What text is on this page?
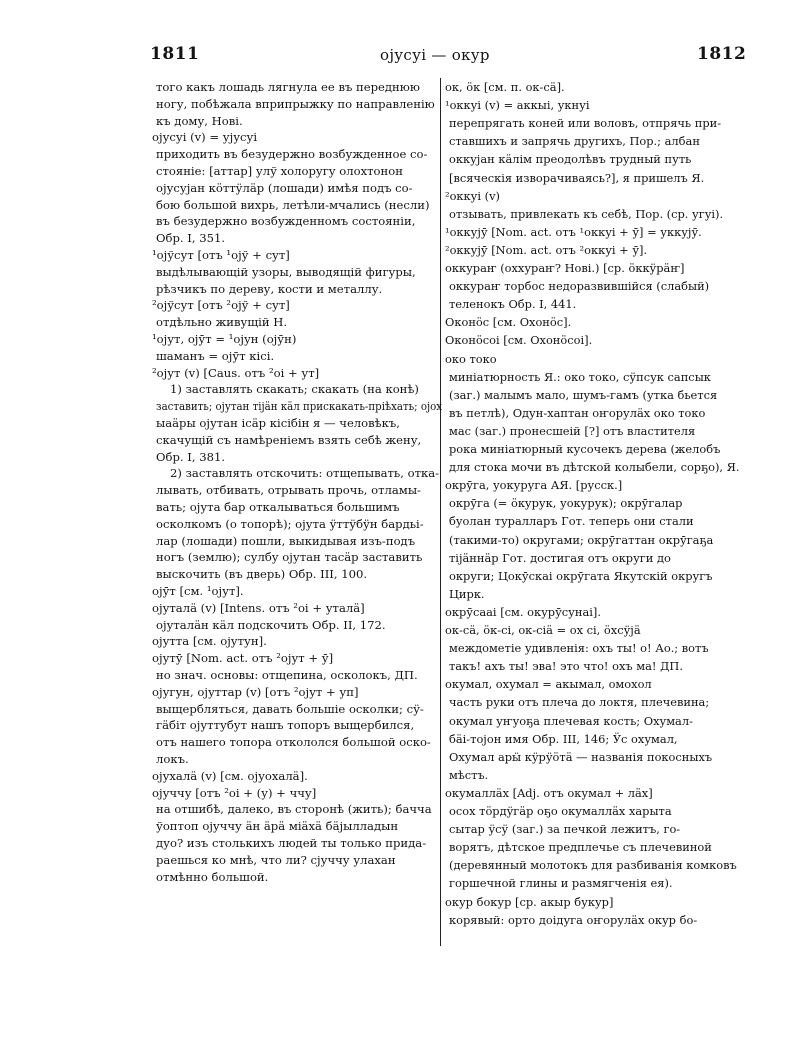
1811	ојусуі — окур	1812
того какъ лошадь лягнула ее въ переднюю
ногу, побѣжала вприпрыжку по направленію
къ дому, Нові.
ојусуі (v) = ујусуі
приходить въ безудержно возбужденное со-
стояніе: [аттар] улў холоругу олохтонон
ојусуjан кӧттӱлӓр (лошади) имѣя подъ со-
бою большой вихрь, летѣли-мчались (несли)
въ безудержно возбужденномъ состояніи,
Обр. I, 351.
¹ојўсут [отъ ¹ојў + сут]
выдѣлывающій узоры, выводящій фигуры,
рѣзчикъ по дереву, кости и металлу.
²ојўсут [отъ ²ојў + сут]
отдѣльно живущій Н.
¹ојут, ојӯт = ¹ојун (ојӯн)
шаманъ = ојӯт кісі.
²ојут (v) [Caus. отъ ²оі + ут]
1) заставлять скакать; скакать (на конѣ)
заставить; ојутан тіјӓн кӓл прискакать-пріѣхать; ојох
ыаӓры ојутан ісӓр кісібін я — человѣкъ,
скачущій съ намѣреніемъ взять себѣ жену,
Обр. I, 381.
2) заставлять отскочить: отщепывать, отка-
лывать, отбивать, отрывать прочь, отламы-
вать; ојута бар откалываться большимъ
осколкомъ (о топорѣ); ојута ӱттӱбӱн бардьі-
лар (лошади) пошли, выкидывая изъ-подъ
ногъ (землю); сулбу ојутан тасӓр заставить
выскочить (въ дверь) Обр. III, 100.
ојӯт [см. ¹ојут].
ојуталӓ (v) [Intens. отъ ²оі + уталӓ]
ојуталӓн кӓл подскочить Обр. II, 172.
ојутта [см. ојутун].
ојутӯ [Nom. act. отъ ²ојут + ӯ]
но знач. основы: отщепина, осколокъ, ДП.
ојугун, ојуттар (v) [отъ ²ојут + уп]
выщербляться, давать большіе осколки; сӱ-
гӓбіт ојуттубут нашъ топоръ выщербился,
отъ нашего топора откололся большой оско-
локъ.
ојухалӓ (v) [см. ојуохалӓ].
ојуччу [отъ ²оі + (у) + ччу]
на отшибѣ, далеко, въ сторонѣ (жить); бачча
ўоптоп ојуччу ӓн ӓрӓ міӓхӓ бӓјылладын
дуо? изъ столькихъ людей ты только прида-
раешься ко мнѣ, что ли? сјуччу улахан
отмѣнно большой.
ок, ӧк [см. п. ок-сӓ].
¹оккуі (v) = аккыі, укнуі
перепрягать коней или воловъ, отпрячь при-
ставшихъ и запрячь другихъ, Пор.; албан
оккујан кӓлім преодолѣвъ трудный путь
[всяческія изворачиваясь?], я пришелъ Я.
²оккуі (v)
отзывать, привлекать къ себѣ, Пор. (ср. угуі).
¹оккујӯ [Nom. act. отъ ¹оккуі + ӯ] = уккујӯ.
²оккујӯ [Nom. act. отъ ²оккуі + ӯ].
оккураҥ (оххураҥ? Нові.) [ср. ӧккӱрӓҥ]
оккураҥ торбос недоразвившійся (слабый)
теленокъ Обр. I, 441.
Оконӧс [см. Охонӧс].
Оконӧсоі [см. Охонӧсоі].
око токо
миніатюрность Я.: око токо, сӱпсук сапсык
(заг.) малымъ мало, шумъ-гамъ (утка бьется
въ петлѣ), Одун-хаптан оҥорулӓх око токо
мас (заг.) пронесшеій [?] отъ властителя
рока миніатюрный кусочекъ дерева (желобъ
для стока мочи въ дѣтской колыбели, сорҕо), Я.
окрӯга, уокуруга АЯ. [русск.]
окрӯга (= ӧкурук, уокурук); окрӯгалар
буолан туралларъ Гот. теперь они стали
(такими-то) округами; окрӯгаттан окрӯгаҕа
тіјӓннӓр Гот. достигая отъ округи до
округи; Цокӯскаі окрӯгата Якутскій округъ
Цирк.
окрӯсааі [см. окурӯсунаі].
ок-сӓ, ӧк-сі, ок-сіӓ = ох сі, ӧхсӱјӓ
междометіе удивленія: охъ ты! о! Ао.; вотъ
такъ! ахъ ты! эва! это что! охъ ма! ДП.
окумал, охумал = акымал, омохол
часть руки отъ плеча до локтя, плечевина;
окумал уҥуоҕа плечевая кость; Охумал-
бӓі-тојон имя Обр. III, 146; Ӱс охумал,
Охумал арӹ кӱрӱӧтӓ — названія покосныхъ
мѣстъ.
окумаллӓх [Adj. отъ окумал + лӓх]
осох тӧрдӱгӓр оҕо окумаллӓх харыта
сытар ӱсӱ (заг.) за печкой лежитъ, го-
ворятъ, дѣтское предплечье съ плечевиной
(деревянный молотокъ для разбиванія комковъ
горшечной глины и размягченія ея).
окур бокур [ср. акыр букур]
корявый: орто доідуга оҥорулӓх окур бо-
